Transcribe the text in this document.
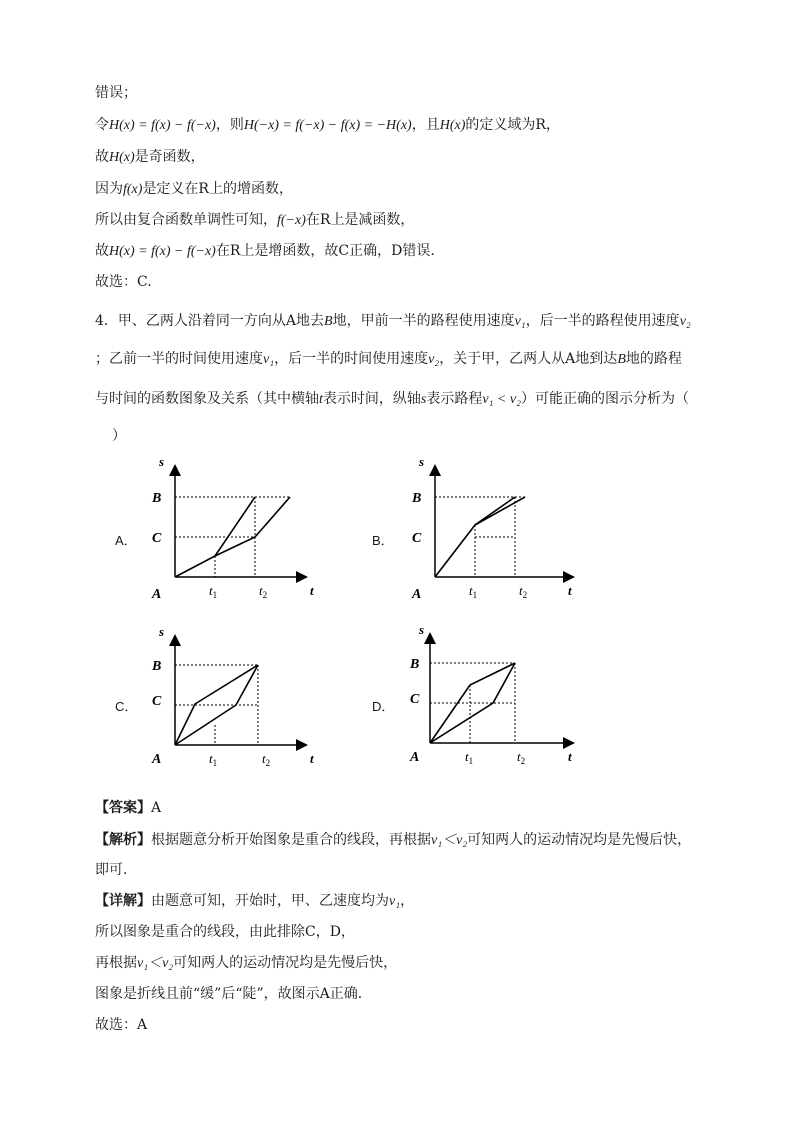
错误；
令H(x) = f(x) − f(−x)，则H(−x) = f(−x) − f(x) = −H(x)，且H(x)的定义域为R，
故H(x)是奇函数，
因为f(x)是定义在R上的增函数，
所以由复合函数单调性可知，f(−x)在R上是减函数，
故H(x) = f(x) − f(−x)在R上是增函数，故C正确，D错误.
故选：C.
4．甲、乙两人沿着同一方向从A地去B地，甲前一半的路程使用速度v₁，后一半的路程使用速度v₂
；乙前一半的时间使用速度v₁，后一半的时间使用速度v₂，关于甲，乙两人从A地到达B地的路程
与时间的函数图象及关系（其中横轴t表示时间，纵轴s表示路程v₁ < v₂）可能正确的图示分析为（
）
A．	B．
C．	D．
s
B
C
A	$t_1$	$t_2$	t
s
B
C
A	$t_1$	$t_2$	t
s
B
C
A	$t_1$	$t_2$	t
s
B
C
A	$t_1$	$t_2$	t
【答案】A
【解析】根据题意分析开始图象是重合的线段，再根据v₁＜v₂可知两人的运动情况均是先慢后快，
即可.
【详解】由题意可知，开始时，甲、乙速度均为v₁，
所以图象是重合的线段，由此排除C，D，
再根据v₁＜v₂可知两人的运动情况均是先慢后快，
图象是折线且前“缓”后“陡”，故图示A正确.
故选：A
